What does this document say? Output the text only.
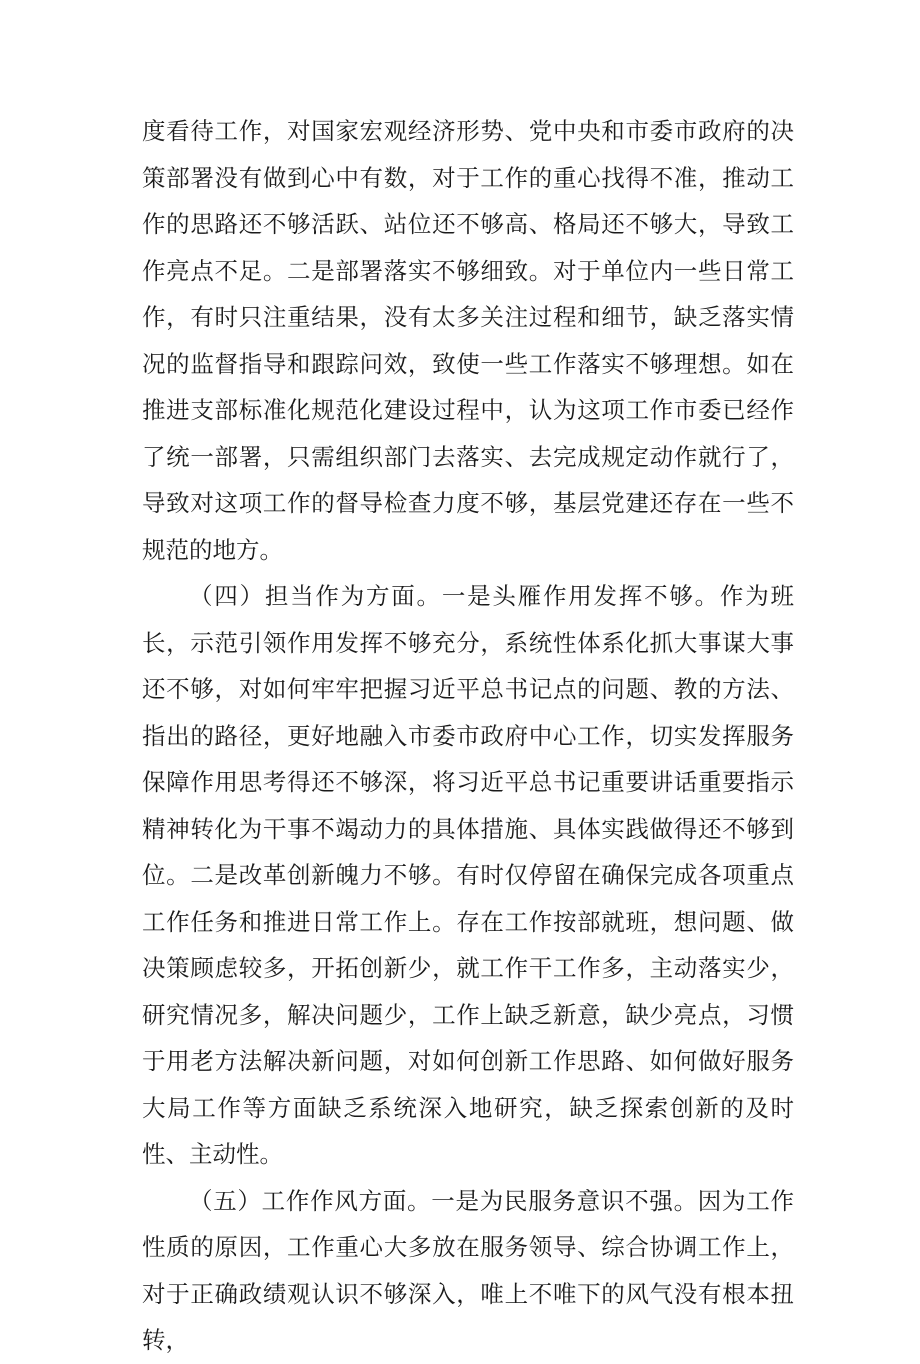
度看待工作，对国家宏观经济形势、党中央和市委市政府的决策部署没有做到心中有数，对于工作的重心找得不准，推动工作的思路还不够活跃、站位还不够高、格局还不够大，导致工作亮点不足。二是部署落实不够细致。对于单位内一些日常工作，有时只注重结果，没有太多关注过程和细节，缺乏落实情况的监督指导和跟踪问效，致使一些工作落实不够理想。如在推进支部标准化规范化建设过程中，认为这项工作市委已经作了统一部署，只需组织部门去落实、去完成规定动作就行了，导致对这项工作的督导检查力度不够，基层党建还存在一些不规范的地方。

（四）担当作为方面。一是头雁作用发挥不够。作为班长，示范引领作用发挥不够充分，系统性体系化抓大事谋大事还不够，对如何牢牢把握习近平总书记点的问题、教的方法、指出的路径，更好地融入市委市政府中心工作，切实发挥服务保障作用思考得还不够深，将习近平总书记重要讲话重要指示精神转化为干事不竭动力的具体措施、具体实践做得还不够到位。二是改革创新魄力不够。有时仅停留在确保完成各项重点工作任务和推进日常工作上。存在工作按部就班，想问题、做决策顾虑较多，开拓创新少，就工作干工作多，主动落实少，研究情况多，解决问题少，工作上缺乏新意，缺少亮点，习惯于用老方法解决新问题，对如何创新工作思路、如何做好服务大局工作等方面缺乏系统深入地研究，缺乏探索创新的及时性、主动性。

（五）工作作风方面。一是为民服务意识不强。因为工作性质的原因，工作重心大多放在服务领导、综合协调工作上，对于正确政绩观认识不够深入，唯上不唯下的风气没有根本扭转，
